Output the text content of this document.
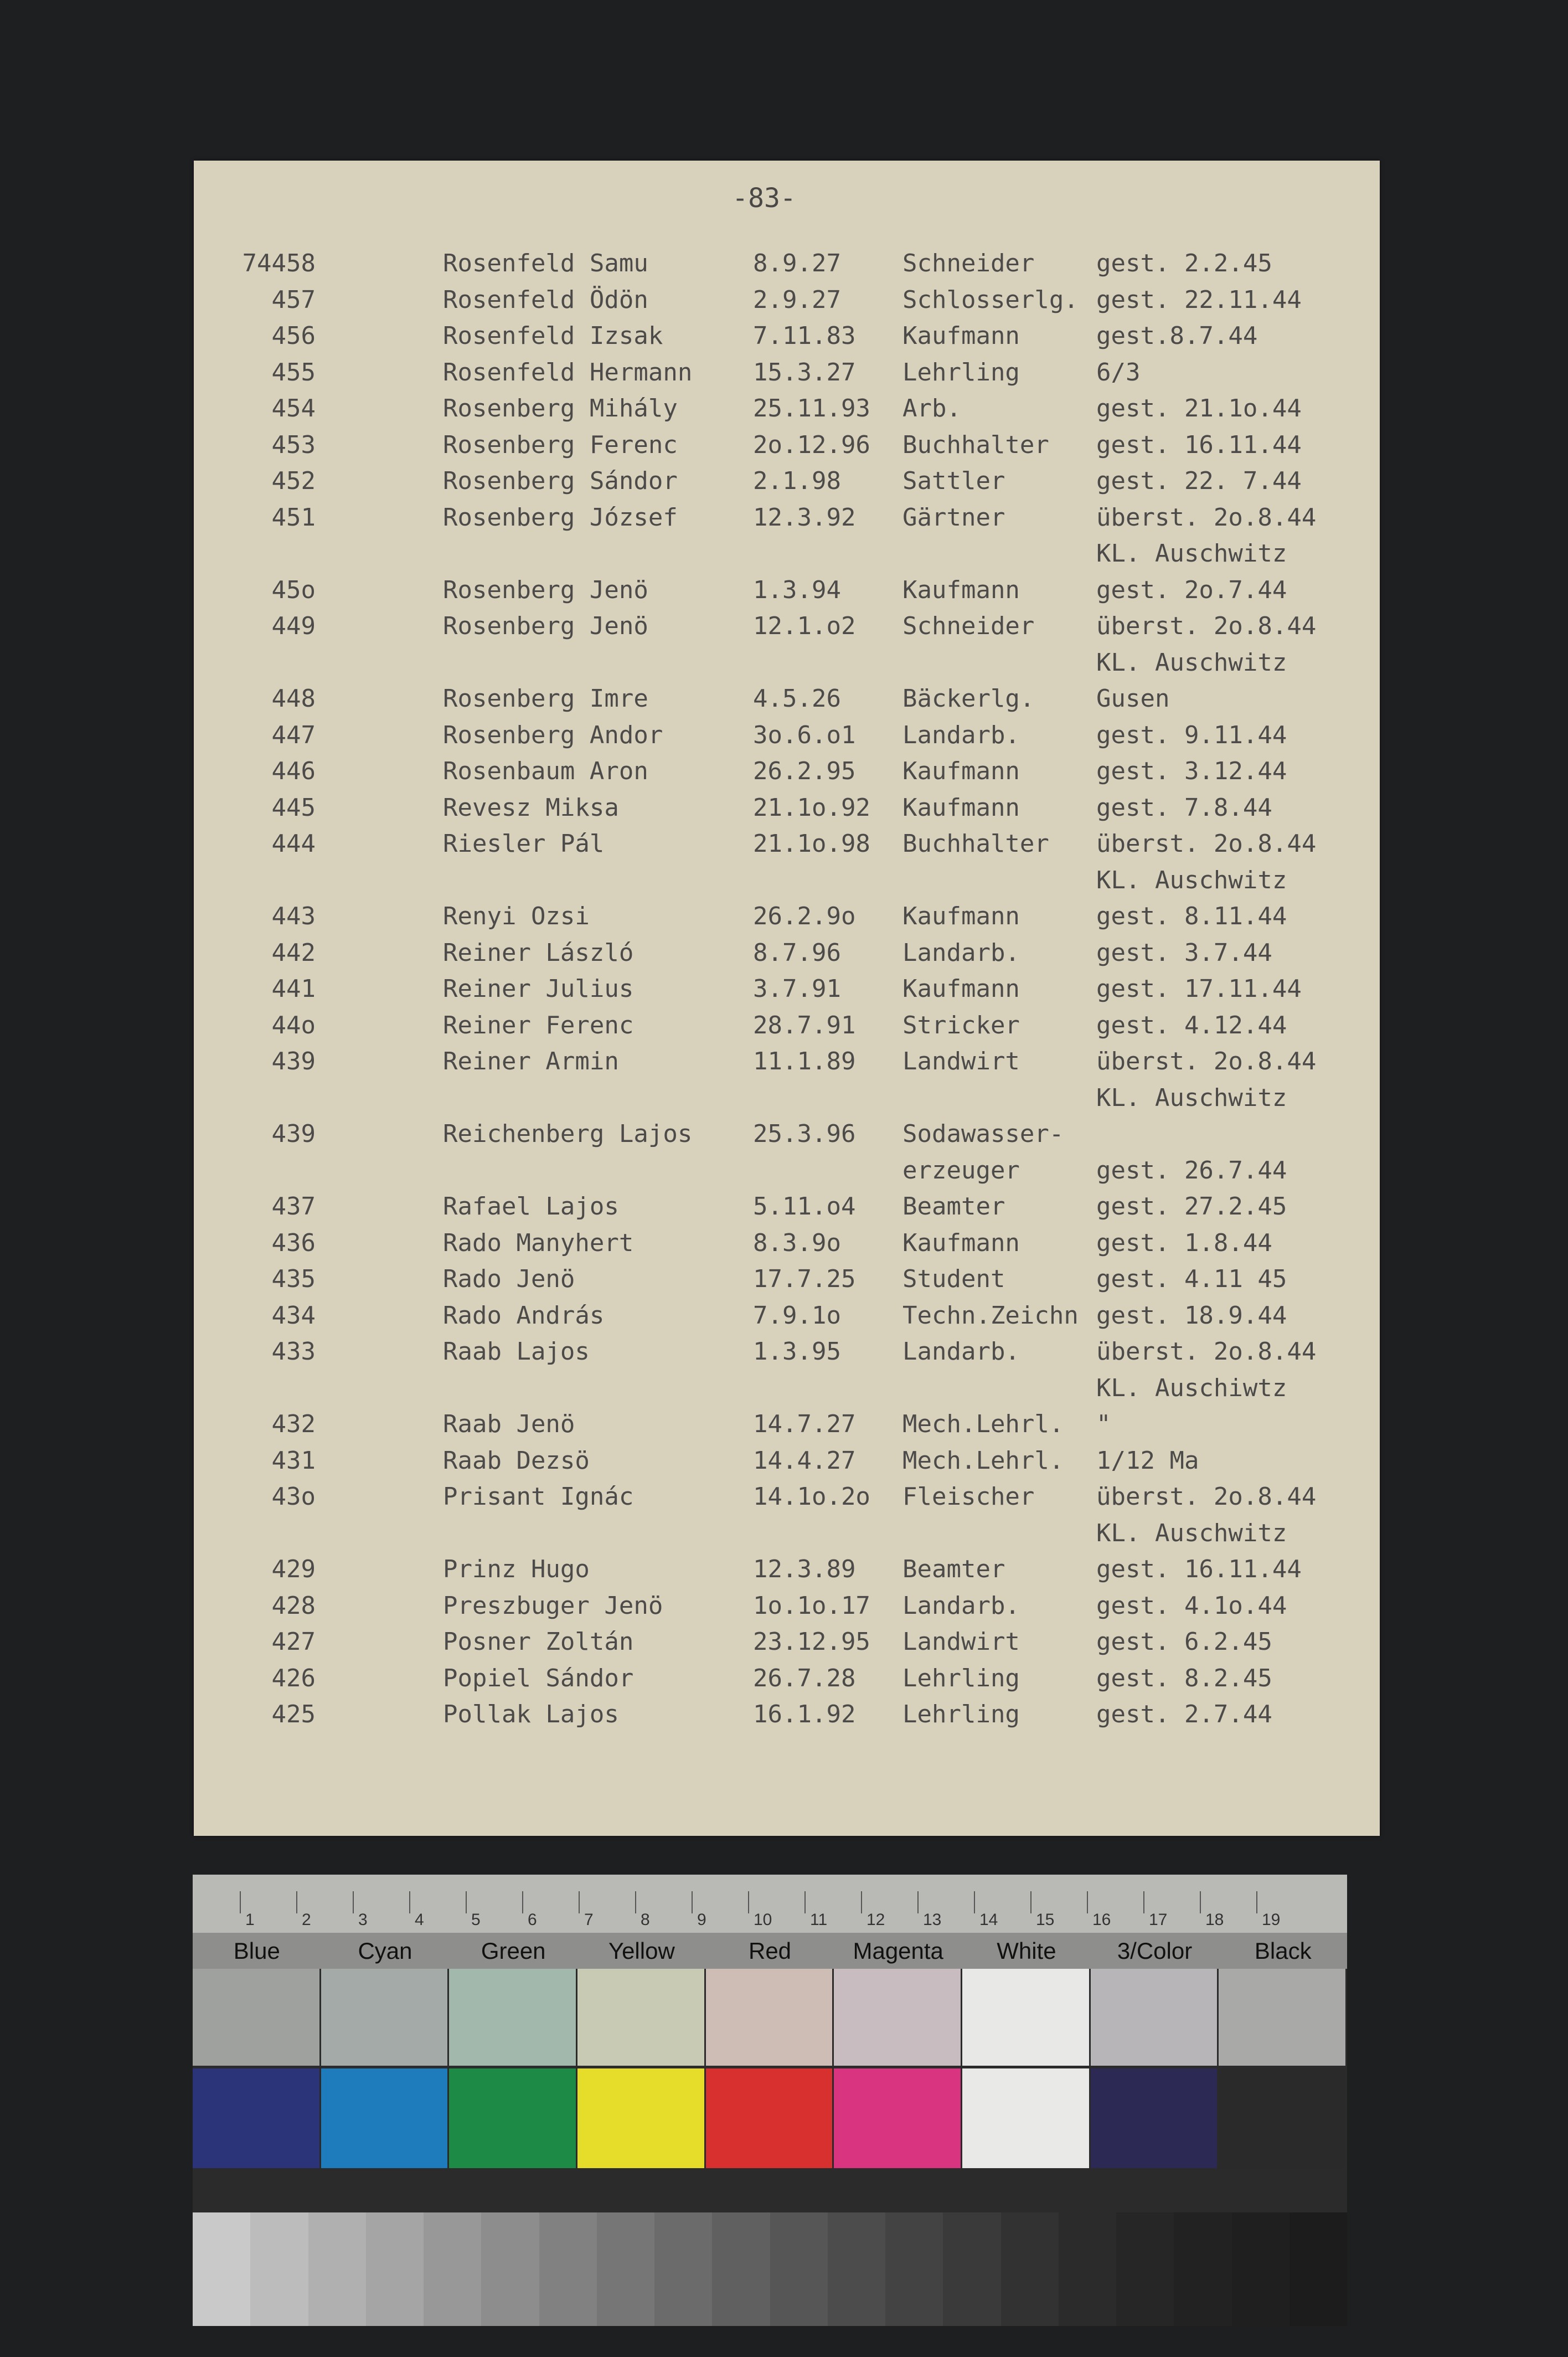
-83-
74458	Rosenfeld Samu	8.9.27	Schneider	gest. 2.2.45
457	Rosenfeld Ödön	2.9.27	Schlosserlg. gest. 22.11.44
456	Rosenfeld Izsak	7.11.83 Kaufmann	gest.8.7.44
455	Rosenfeld Hermann 15.3.27 Lehrling	6/3
454	Rosenberg Mihály	25.11.93 Arb.	gest. 21.1o.44
453	Rosenberg Ferenc	2o.12.96 Buchhalter gest. 16.11.44
452	Rosenberg Sándor	2.1.98	Sattler	gest. 22. 7.44
451	Rosenberg József	12.3.92 Gärtner	überst. 2o.8.44
KL. Auschwitz
45o	Rosenberg Jenö	1.3.94	Kaufmann	gest. 2o.7.44
449	Rosenberg Jenö	12.1.o2 Schneider	überst. 2o.8.44
KL. Auschwitz
448	Rosenberg Imre	4.5.26	Bäckerlg.	Gusen
447	Rosenberg Andor	3o.6.o1 Landarb.	gest. 9.11.44
446	Rosenbaum Aron	26.2.95 Kaufmann	gest. 3.12.44
445	Revesz Miksa	21.1o.92 Kaufmann	gest. 7.8.44
444	Riesler Pál	21.1o.98 Buchhalter überst. 2o.8.44
KL. Auschwitz
443	Renyi Ozsi	26.2.9o Kaufmann	gest. 8.11.44
442	Reiner László	8.7.96	Landarb.	gest. 3.7.44
441	Reiner Julius	3.7.91	Kaufmann	gest. 17.11.44
44o	Reiner Ferenc	28.7.91 Stricker	gest. 4.12.44
439	Reiner Armin	11.1.89 Landwirt	überst. 2o.8.44
KL. Auschwitz
439	Reichenberg Lajos 25.3.96 Sodawasser-
erzeuger	gest. 26.7.44
437	Rafael Lajos	5.11.o4 Beamter	gest. 27.2.45
436	Rado Manyhert	8.3.9o	Kaufmann	gest. 1.8.44
435	Rado Jenö	17.7.25 Student	gest. 4.11 45
434	Rado András	7.9.1o	Techn.Zeichn gest. 18.9.44
433	Raab Lajos	1.3.95	Landarb.	überst. 2o.8.44
KL. Auschiwtz
432	Raab Jenö	14.7.27 Mech.Lehrl. "
431	Raab Dezsö	14.4.27 Mech.Lehrl. 1/12 Ma
43o	Prisant Ignác	14.1o.2o Fleischer	überst. 2o.8.44
KL. Auschwitz
429	Prinz Hugo	12.3.89 Beamter	gest. 16.11.44
428	Preszbuger Jenö	1o.1o.17 Landarb.	gest. 4.1o.44
427	Posner Zoltán	23.12.95 Landwirt	gest. 6.2.45
426	Popiel Sándor	26.7.28 Lehrling	gest. 8.2.45
425	Pollak Lajos	16.1.92 Lehrling	gest. 2.7.44
1	2	3	4	5	6	7	8	9	10 11 12 13 14 15 16 17 18 19
Blue	Cyan	Green	Yellow	Red	Magenta	White	3/Color	Black
